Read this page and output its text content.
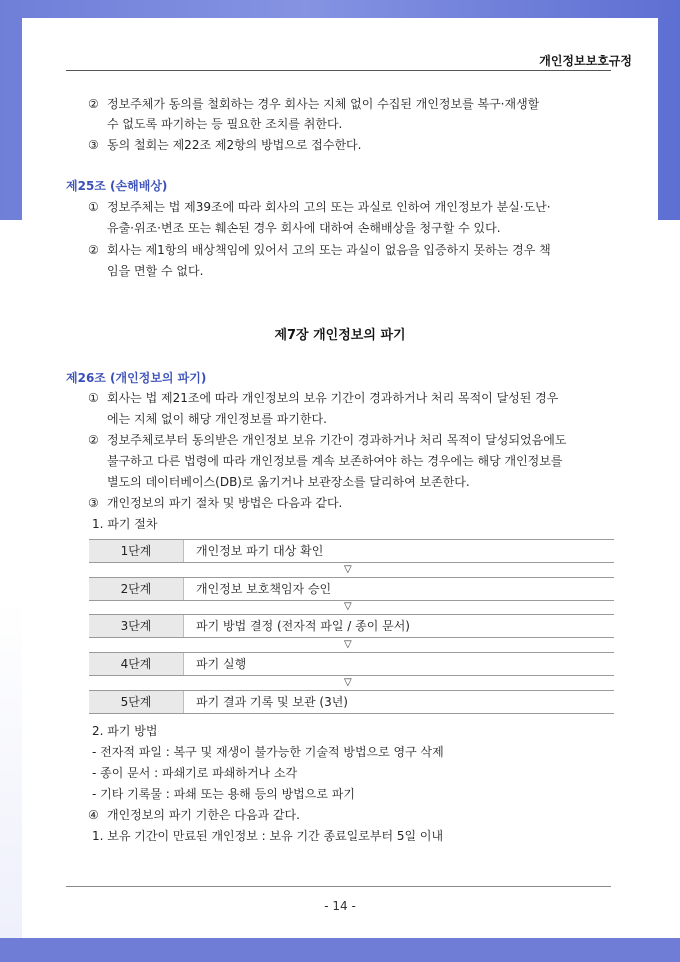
개인정보보호규정
② 정보주체가 동의를 철회하는 경우 회사는 지체 없이 수집된 개인정보를 복구·재생할
수 없도록 파기하는 등 필요한 조치를 취한다.
③ 동의 철회는 제22조 제2항의 방법으로 접수한다.
제25조 (손해배상)
① 정보주체는 법 제39조에 따라 회사의 고의 또는 과실로 인하여 개인정보가 분실·도난·
유출·위조·변조 또는 훼손된 경우 회사에 대하여 손해배상을 청구할 수 있다.
② 회사는 제1항의 배상책임에 있어서 고의 또는 과실이 없음을 입증하지 못하는 경우 책
임을 면할 수 없다.
제7장 개인정보의 파기
제26조 (개인정보의 파기)
① 회사는 법 제21조에 따라 개인정보의 보유 기간이 경과하거나 처리 목적이 달성된 경우
에는 지체 없이 해당 개인정보를 파기한다.
② 정보주체로부터 동의받은 개인정보 보유 기간이 경과하거나 처리 목적이 달성되었음에도
불구하고 다른 법령에 따라 개인정보를 계속 보존하여야 하는 경우에는 해당 개인정보를
별도의 데이터베이스(DB)로 옮기거나 보관장소를 달리하여 보존한다.
③ 개인정보의 파기 절차 및 방법은 다음과 같다.
1. 파기 절차
1단계	개인정보 파기 대상 확인
▽
2단계	개인정보 보호책임자 승인
▽
3단계	파기 방법 결정 (전자적 파일 / 종이 문서)
▽
4단계	파기 실행
▽
5단계	파기 결과 기록 및 보관 (3년)
2. 파기 방법
- 전자적 파일 : 복구 및 재생이 불가능한 기술적 방법으로 영구 삭제
- 종이 문서 : 파쇄기로 파쇄하거나 소각
- 기타 기록물 : 파쇄 또는 용해 등의 방법으로 파기
④ 개인정보의 파기 기한은 다음과 같다.
1. 보유 기간이 만료된 개인정보 : 보유 기간 종료일로부터 5일 이내
- 14 -
